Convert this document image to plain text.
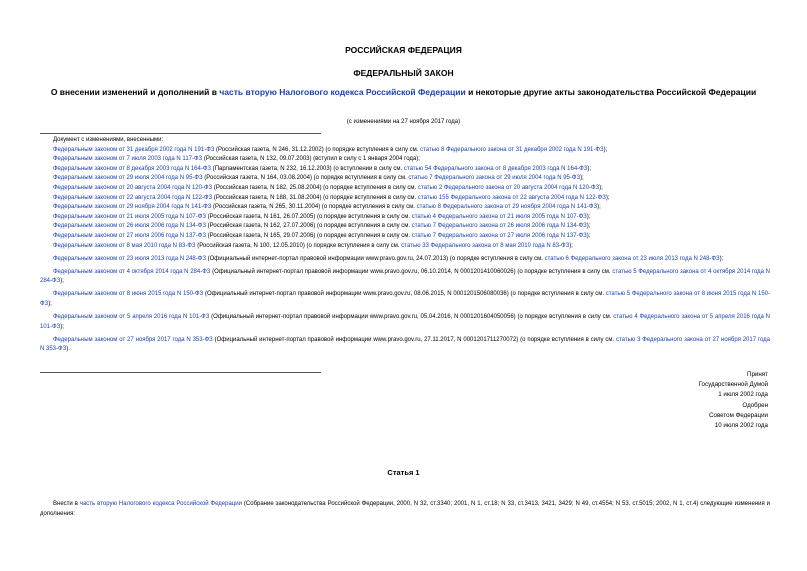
РОССИЙСКАЯ ФЕДЕРАЦИЯ
ФЕДЕРАЛЬНЫЙ ЗАКОН
О внесении изменений и дополнений в часть вторую Налогового кодекса Российской Федерации и некоторые другие акты законодательства Российской Федерации
(с изменениями на 27 ноября 2017 года)

Документ с изменениями, внесенными:

Федеральным законом от 31 декабря 2002 года N 191-ФЗ (Российская газета, N 246, 31.12.2002) (о порядке вступления в силу см. статью 8 Федерального закона от 31 декабря 2002 года N 191-ФЗ);

Федеральным законом от 7 июля 2003 года N 117-ФЗ (Российская газета, N 132, 09.07.2003) (вступил в силу с 1 января 2004 года);

Федеральным законом от 8 декабря 2003 года N 164-ФЗ (Парламентская газета, N 232, 16.12.2003) (о вступлении в силу см. статью 54 Федерального закона от 8 декабря 2003 года N 164-ФЗ);

Федеральным законом от 29 июля 2004 года N 95-ФЗ (Российская газета, N 164, 03.08.2004) (о порядке вступления в силу см. статью 7 Федерального закона от 29 июля 2004 года N 95-ФЗ);

Федеральным законом от 20 августа 2004 года N 120-ФЗ (Российская газета, N 182, 25.08.2004) (о порядке вступления в силу см. статью 2 Федерального закона от 20 августа 2004 года N 120-ФЗ);

Федеральным законом от 22 августа 2004 года N 122-ФЗ (Российская газета, N 188, 31.08.2004) (о порядке вступления в силу см. статью 155 Федерального закона от 22 августа 2004 года N 122-ФЗ);

Федеральным законом от 29 ноября 2004 года N 141-ФЗ (Российская газета, N 265, 30.11.2004) (о порядке вступления в силу см. статью 8 Федерального закона от 29 ноября 2004 года N 141-ФЗ);

Федеральным законом от 21 июля 2005 года N 107-ФЗ (Российская газета, N 161, 26.07.2005) (о порядке вступления в силу см. статью 4 Федерального закона от 21 июля 2005 года N 107-ФЗ);

Федеральным законом от 26 июля 2006 года N 134-ФЗ (Российская газета, N 162, 27.07.2006) (о порядке вступления в силу см. статью 7 Федерального закона от 26 июля 2006 года N 134-ФЗ);

Федеральным законом от 27 июля 2006 года N 137-ФЗ (Российская газета, N 165, 29.07.2006) (о порядке вступления в силу см. статью 7 Федерального закона от 27 июля 2006 года N 137-ФЗ);

Федеральным законом от 8 мая 2010 года N 83-ФЗ (Российская газета, N 100, 12.05.2010) (о порядке вступления в силу см. статью 33 Федерального закона от 8 мая 2010 года N 83-ФЗ);

Федеральным законом от 23 июля 2013 года N 248-ФЗ (Официальный интернет-портал правовой информации www.pravo.gov.ru, 24.07.2013) (о порядке вступления в силу см. статью 6 Федерального закона от 23 июля 2013 года N 248-ФЗ);

Федеральным законом от 4 октября 2014 года N 284-ФЗ (Официальный интернет-портал правовой информации www.pravo.gov.ru, 06.10.2014, N 0001201410060026) (о порядке вступления в силу см. статью 5 Федерального закона от 4 октября 2014 года N 284-ФЗ);

Федеральным законом от 8 июня 2015 года N 150-ФЗ (Официальный интернет-портал правовой информации www.pravo.gov.ru, 08.06.2015, N 0001201506080036) (о порядке вступления в силу см. статью 5 Федерального закона от 8 июня 2015 года N 150-ФЗ);

Федеральным законом от 5 апреля 2016 года N 101-ФЗ (Официальный интернет-портал правовой информации www.pravo.gov.ru, 05.04.2016, N 0001201604050056) (о порядке вступления в силу см. статью 4 Федерального закона от 5 апреля 2016 года N 101-ФЗ);

Федеральным законом от 27 ноября 2017 года N 353-ФЗ (Официальный интернет-портал правовой информации www.pravo.gov.ru, 27.11.2017, N 0001201711270072) (о порядке вступления в силу см. статью 3 Федерального закона от 27 ноября 2017 года N 353-ФЗ).

Принят
Государственной Думой
1 июля 2002 года
Одобрен
Советом Федерации
10 июля 2002 года
Статья 1
Внести в часть вторую Налогового кодекса Российской Федерации (Собрание законодательства Российской Федерации, 2000, N 32, ст.3340; 2001, N 1, ст.18; N 33, ст.3413, 3421, 3429; N 49, ст.4554; N 53, ст.5015; 2002, N 1, ст.4) следующие изменения и дополнения:
